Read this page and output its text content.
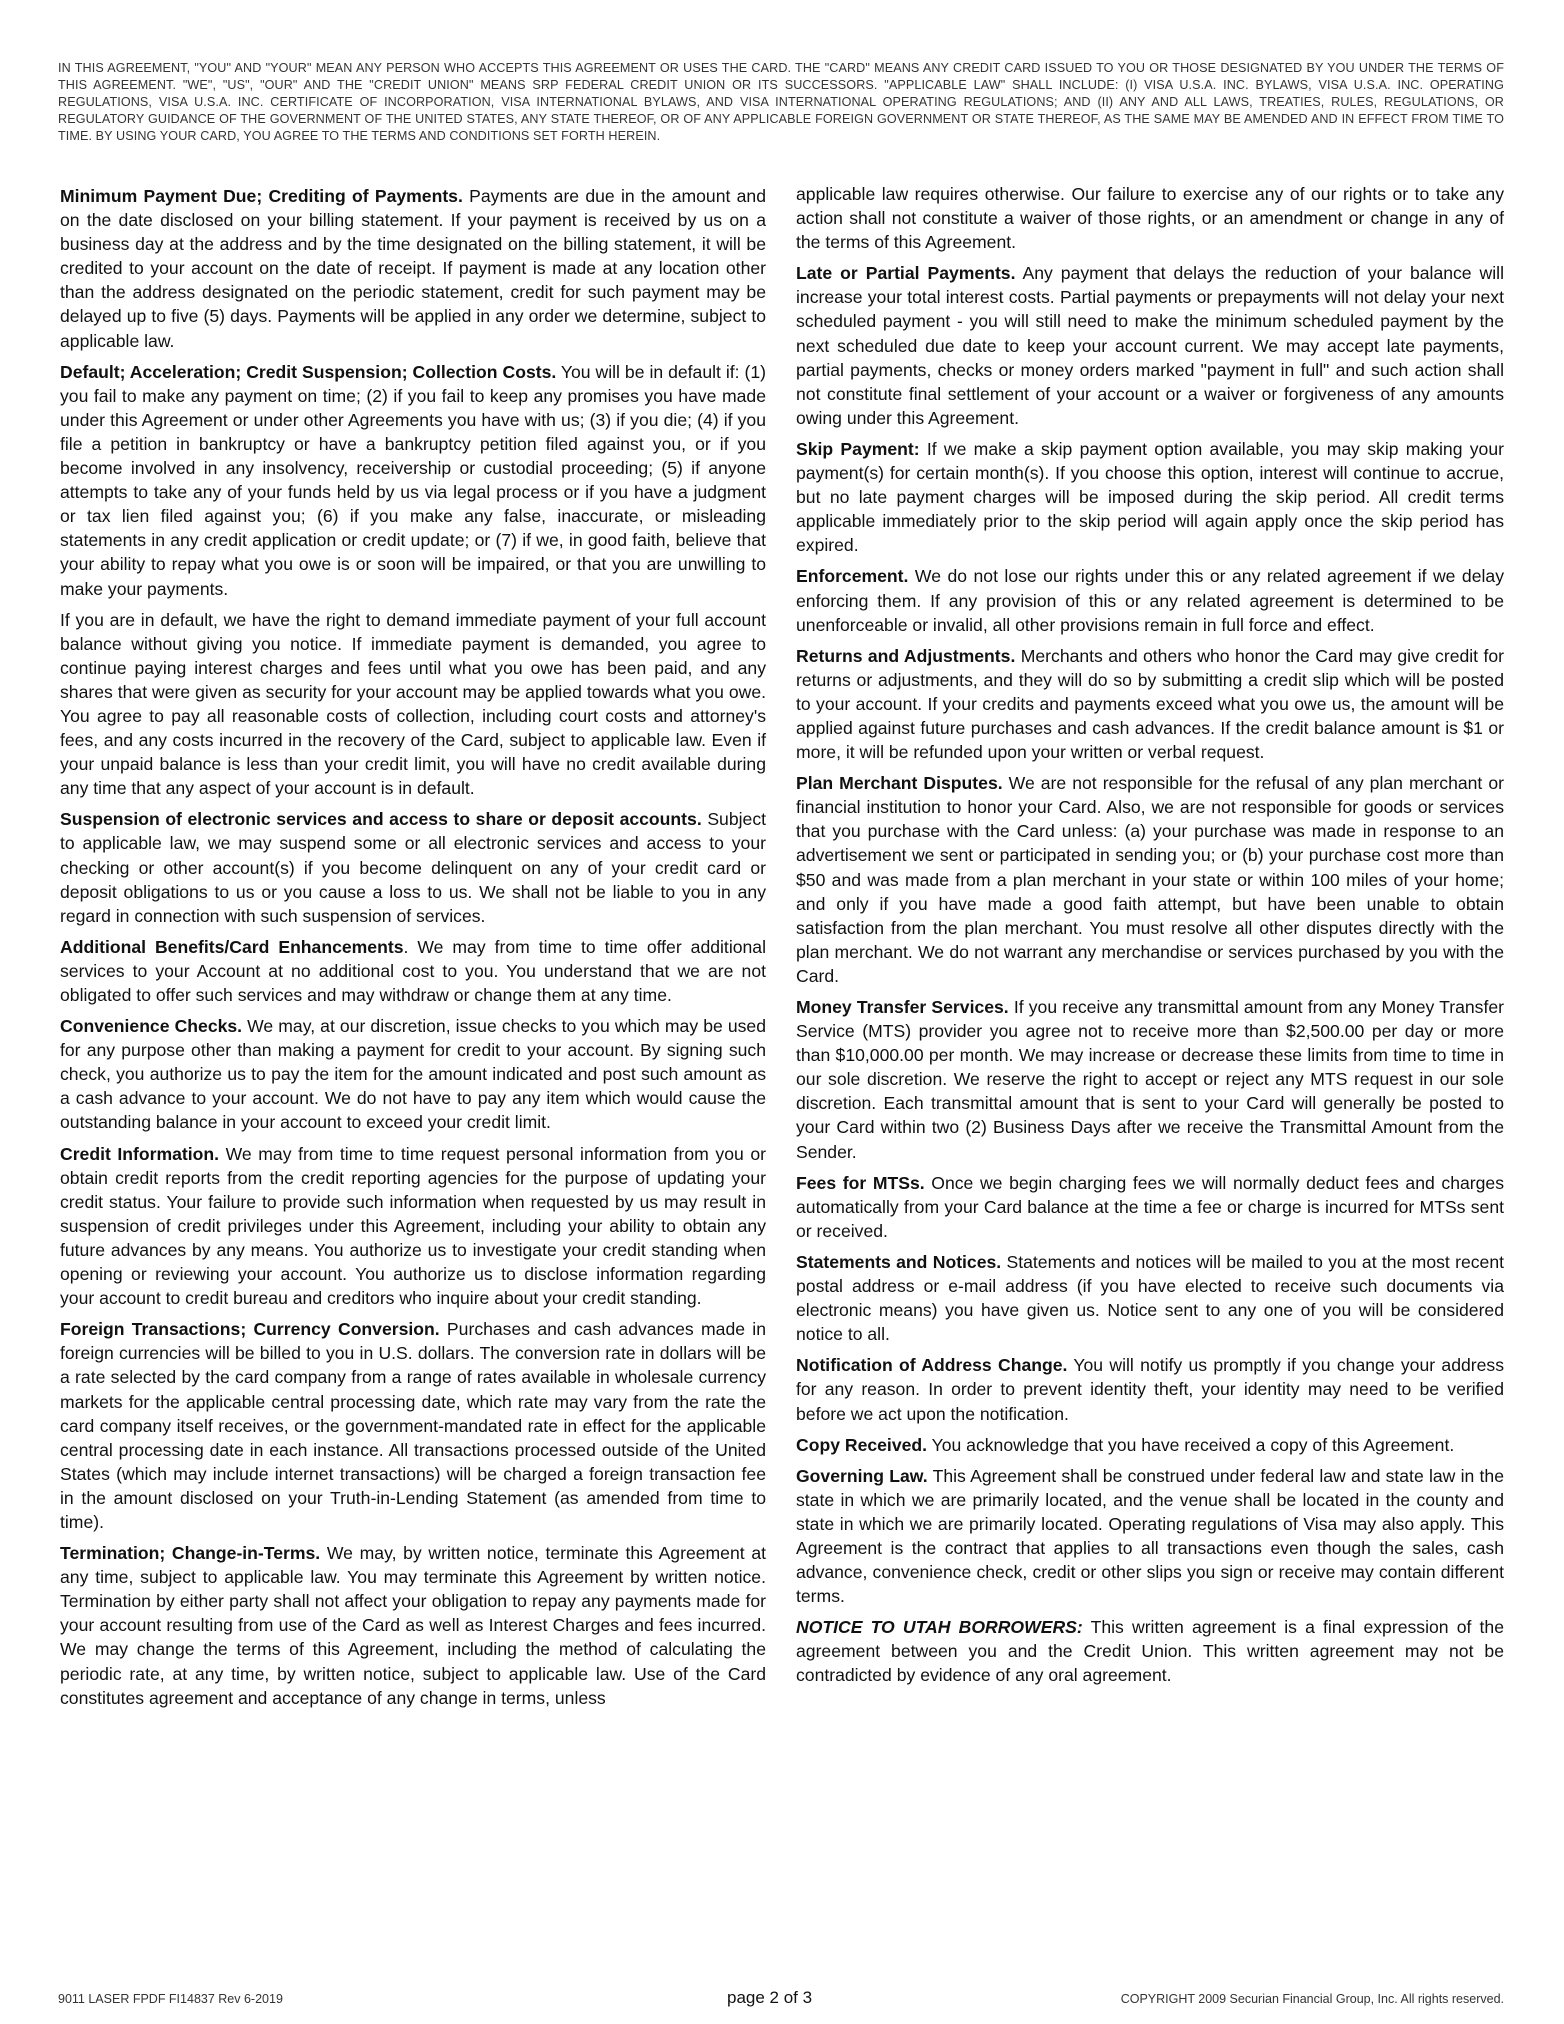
IN THIS AGREEMENT, "YOU" AND "YOUR" MEAN ANY PERSON WHO ACCEPTS THIS AGREEMENT OR USES THE CARD. THE "CARD" MEANS ANY CREDIT CARD ISSUED TO YOU OR THOSE DESIGNATED BY YOU UNDER THE TERMS OF THIS AGREEMENT. "WE", "US", "OUR" AND THE "CREDIT UNION" MEANS SRP FEDERAL CREDIT UNION OR ITS SUCCESSORS. "APPLICABLE LAW" SHALL INCLUDE: (I) VISA U.S.A. INC. BYLAWS, VISA U.S.A. INC. OPERATING REGULATIONS, VISA U.S.A. INC. CERTIFICATE OF INCORPORATION, VISA INTERNATIONAL BYLAWS, AND VISA INTERNATIONAL OPERATING REGULATIONS; AND (II) ANY AND ALL LAWS, TREATIES, RULES, REGULATIONS, OR REGULATORY GUIDANCE OF THE GOVERNMENT OF THE UNITED STATES, ANY STATE THEREOF, OR OF ANY APPLICABLE FOREIGN GOVERNMENT OR STATE THEREOF, AS THE SAME MAY BE AMENDED AND IN EFFECT FROM TIME TO TIME. BY USING YOUR CARD, YOU AGREE TO THE TERMS AND CONDITIONS SET FORTH HEREIN.

Minimum Payment Due; Crediting of Payments. Payments are due in the amount and on the date disclosed on your billing statement. If your payment is received by us on a business day at the address and by the time designated on the billing statement, it will be credited to your account on the date of receipt. If payment is made at any location other than the address designated on the periodic statement, credit for such payment may be delayed up to five (5) days. Payments will be applied in any order we determine, subject to applicable law.

Default; Acceleration; Credit Suspension; Collection Costs. You will be in default if: (1) you fail to make any payment on time; (2) if you fail to keep any promises you have made under this Agreement or under other Agreements you have with us; (3) if you die; (4) if you file a petition in bankruptcy or have a bankruptcy petition filed against you, or if you become involved in any insolvency, receivership or custodial proceeding; (5) if anyone attempts to take any of your funds held by us via legal process or if you have a judgment or tax lien filed against you; (6) if you make any false, inaccurate, or misleading statements in any credit application or credit update; or (7) if we, in good faith, believe that your ability to repay what you owe is or soon will be impaired, or that you are unwilling to make your payments.

If you are in default, we have the right to demand immediate payment of your full account balance without giving you notice. If immediate payment is demanded, you agree to continue paying interest charges and fees until what you owe has been paid, and any shares that were given as security for your account may be applied towards what you owe. You agree to pay all reasonable costs of collection, including court costs and attorney's fees, and any costs incurred in the recovery of the Card, subject to applicable law. Even if your unpaid balance is less than your credit limit, you will have no credit available during any time that any aspect of your account is in default.

Suspension of electronic services and access to share or deposit accounts. Subject to applicable law, we may suspend some or all electronic services and access to your checking or other account(s) if you become delinquent on any of your credit card or deposit obligations to us or you cause a loss to us. We shall not be liable to you in any regard in connection with such suspension of services.

Additional Benefits/Card Enhancements. We may from time to time offer additional services to your Account at no additional cost to you. You understand that we are not obligated to offer such services and may withdraw or change them at any time.

Convenience Checks. We may, at our discretion, issue checks to you which may be used for any purpose other than making a payment for credit to your account. By signing such check, you authorize us to pay the item for the amount indicated and post such amount as a cash advance to your account. We do not have to pay any item which would cause the outstanding balance in your account to exceed your credit limit.

Credit Information. We may from time to time request personal information from you or obtain credit reports from the credit reporting agencies for the purpose of updating your credit status. Your failure to provide such information when requested by us may result in suspension of credit privileges under this Agreement, including your ability to obtain any future advances by any means. You authorize us to investigate your credit standing when opening or reviewing your account. You authorize us to disclose information regarding your account to credit bureau and creditors who inquire about your credit standing.

Foreign Transactions; Currency Conversion. Purchases and cash advances made in foreign currencies will be billed to you in U.S. dollars. The conversion rate in dollars will be a rate selected by the card company from a range of rates available in wholesale currency markets for the applicable central processing date, which rate may vary from the rate the card company itself receives, or the government-mandated rate in effect for the applicable central processing date in each instance. All transactions processed outside of the United States (which may include internet transactions) will be charged a foreign transaction fee in the amount disclosed on your Truth-in-Lending Statement (as amended from time to time).

Termination; Change-in-Terms. We may, by written notice, terminate this Agreement at any time, subject to applicable law. You may terminate this Agreement by written notice. Termination by either party shall not affect your obligation to repay any payments made for your account resulting from use of the Card as well as Interest Charges and fees incurred. We may change the terms of this Agreement, including the method of calculating the periodic rate, at any time, by written notice, subject to applicable law. Use of the Card constitutes agreement and acceptance of any change in terms, unless

applicable law requires otherwise. Our failure to exercise any of our rights or to take any action shall not constitute a waiver of those rights, or an amendment or change in any of the terms of this Agreement.

Late or Partial Payments. Any payment that delays the reduction of your balance will increase your total interest costs. Partial payments or prepayments will not delay your next scheduled payment - you will still need to make the minimum scheduled payment by the next scheduled due date to keep your account current. We may accept late payments, partial payments, checks or money orders marked "payment in full" and such action shall not constitute final settlement of your account or a waiver or forgiveness of any amounts owing under this Agreement.

Skip Payment: If we make a skip payment option available, you may skip making your payment(s) for certain month(s). If you choose this option, interest will continue to accrue, but no late payment charges will be imposed during the skip period. All credit terms applicable immediately prior to the skip period will again apply once the skip period has expired.

Enforcement. We do not lose our rights under this or any related agreement if we delay enforcing them. If any provision of this or any related agreement is determined to be unenforceable or invalid, all other provisions remain in full force and effect.

Returns and Adjustments. Merchants and others who honor the Card may give credit for returns or adjustments, and they will do so by submitting a credit slip which will be posted to your account. If your credits and payments exceed what you owe us, the amount will be applied against future purchases and cash advances. If the credit balance amount is $1 or more, it will be refunded upon your written or verbal request.

Plan Merchant Disputes. We are not responsible for the refusal of any plan merchant or financial institution to honor your Card. Also, we are not responsible for goods or services that you purchase with the Card unless: (a) your purchase was made in response to an advertisement we sent or participated in sending you; or (b) your purchase cost more than $50 and was made from a plan merchant in your state or within 100 miles of your home; and only if you have made a good faith attempt, but have been unable to obtain satisfaction from the plan merchant. You must resolve all other disputes directly with the plan merchant. We do not warrant any merchandise or services purchased by you with the Card.

Money Transfer Services. If you receive any transmittal amount from any Money Transfer Service (MTS) provider you agree not to receive more than $2,500.00 per day or more than $10,000.00 per month. We may increase or decrease these limits from time to time in our sole discretion. We reserve the right to accept or reject any MTS request in our sole discretion. Each transmittal amount that is sent to your Card will generally be posted to your Card within two (2) Business Days after we receive the Transmittal Amount from the Sender.

Fees for MTSs. Once we begin charging fees we will normally deduct fees and charges automatically from your Card balance at the time a fee or charge is incurred for MTSs sent or received.

Statements and Notices. Statements and notices will be mailed to you at the most recent postal address or e-mail address (if you have elected to receive such documents via electronic means) you have given us. Notice sent to any one of you will be considered notice to all.

Notification of Address Change. You will notify us promptly if you change your address for any reason. In order to prevent identity theft, your identity may need to be verified before we act upon the notification.

Copy Received. You acknowledge that you have received a copy of this Agreement.

Governing Law. This Agreement shall be construed under federal law and state law in the state in which we are primarily located, and the venue shall be located in the county and state in which we are primarily located. Operating regulations of Visa may also apply. This Agreement is the contract that applies to all transactions even though the sales, cash advance, convenience check, credit or other slips you sign or receive may contain different terms.

NOTICE TO UTAH BORROWERS: This written agreement is a final expression of the agreement between you and the Credit Union. This written agreement may not be contradicted by evidence of any oral agreement.

9011 LASER FPDF FI14837 Rev 6-2019	page 2 of 3	COPYRIGHT 2009 Securian Financial Group, Inc. All rights reserved.
